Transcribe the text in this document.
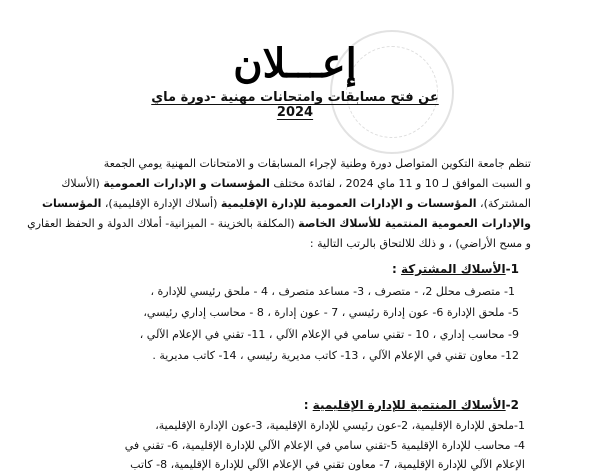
إعـــلان
عن فتح مسابقات وامتحانات مهنية -دورة ماي 2024
تنظم جامعة التكوين المتواصل دورة وطنية لإجراء المسابقات و الامتحانات المهنية يومي الجمعة
و السبت الموافق لـ 10 و 11 ماي 2024 ، لفائدة مختلف المؤسسات و الإدارات العمومية (الأسلاك
المشتركة)، المؤسسات و الإدارات العمومية للإدارة الإقليمية (أسلاك الإدارة الإقليمية)، المؤسسات
والإدارات العمومية المنتمية للأسلاك الخاصة (المكلفة بالخزينة - الميزانية- أملاك الدولة و الحفظ العقاري
و مسح الأراضي) ، و ذلك للالتحاق بالرتب التالية :
1-الأسلاك المشتركة :
1- متصرف محلل 2، - متصرف ، 3- مساعد متصرف ، 4 - ملحق رئيسي للإدارة ،
5- ملحق الإدارة 6- عون إدارة رئيسي ، 7 - عون إدارة ، 8 - محاسب إداري رئيسي،
9- محاسب إداري ، 10 - تقني سامي في الإعلام الآلي ، 11- تقني في الإعلام الآلي ،
12- معاون تقني في الإعلام الآلي ، 13- كاتب مديرية رئيسي ، 14- كاتب مديرية .
2-الأسلاك المنتمية للإدارة الإقليمية :
1-ملحق للإدارة الإقليمية، 2-عون رئيسي للإدارة الإقليمية، 3-عون الإدارة الإقليمية،
4- محاسب للإدارة الإقليمية 5-تقني سامي في الإعلام الآلي للإدارة الإقليمية، 6- تقني في
الإعلام الآلي للإدارة الإقليمية، 7- معاون تقني في الإعلام الآلي للإدارة الإقليمية، 8- كاتب
